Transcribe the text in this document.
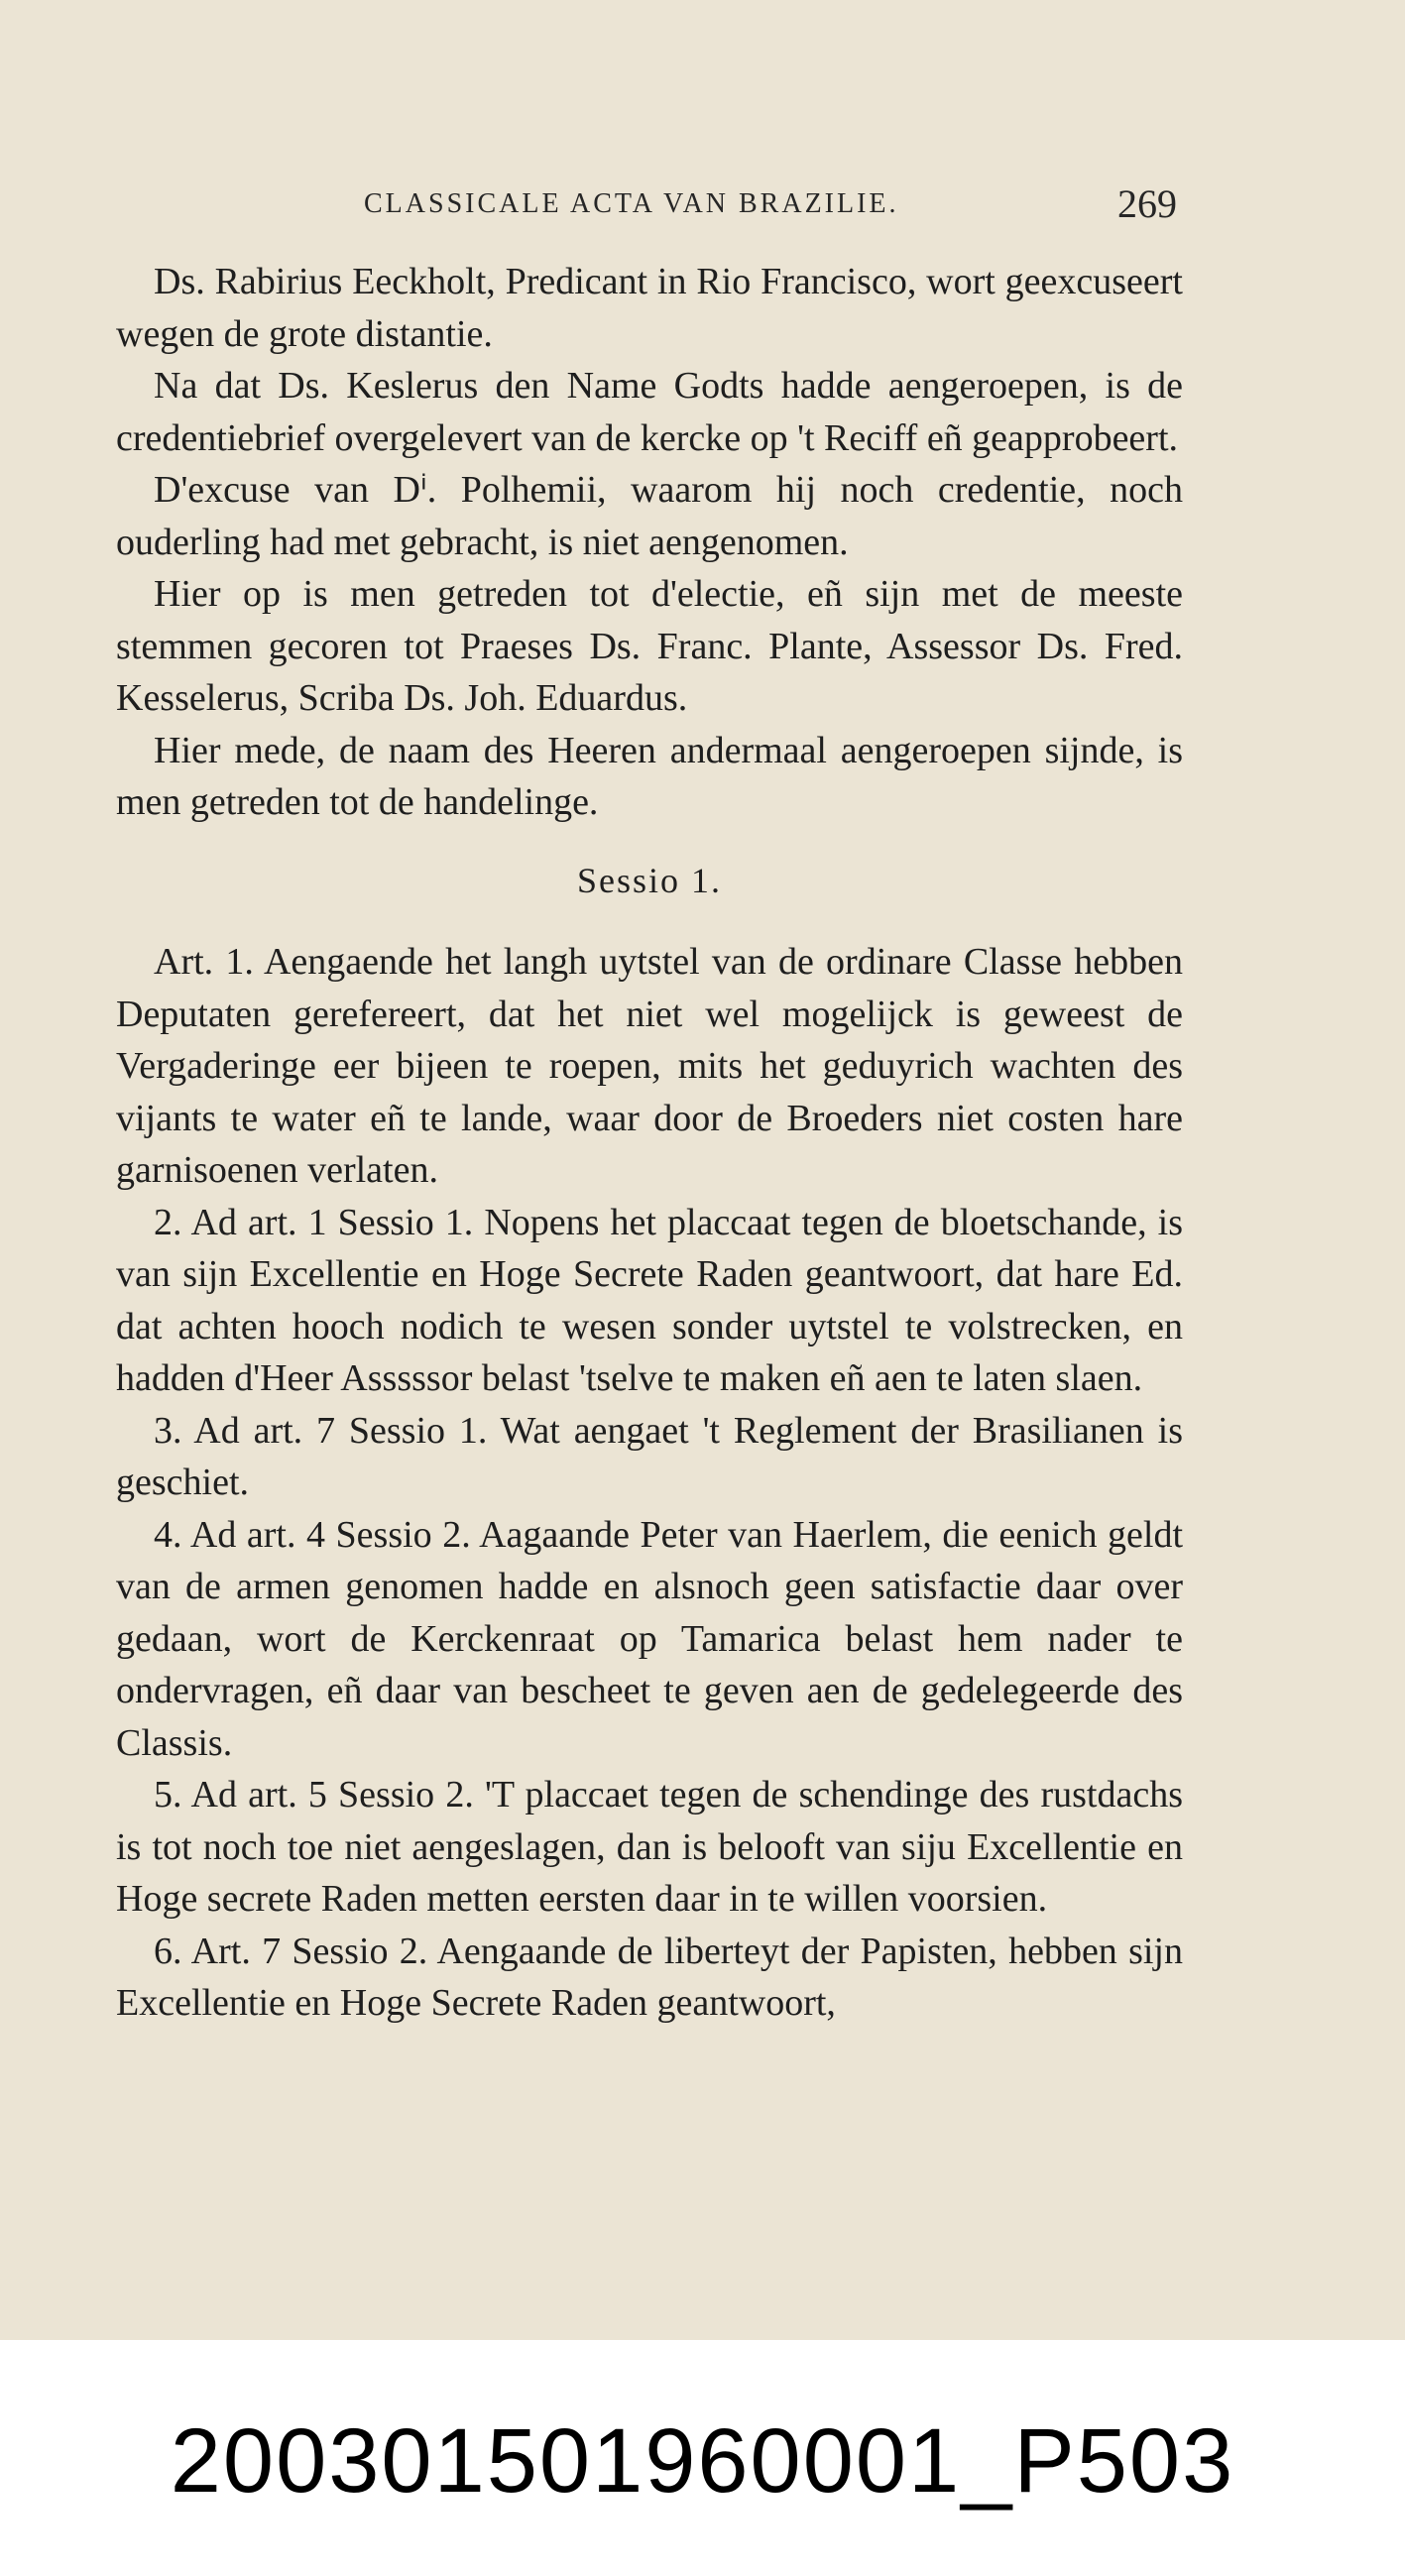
CLASSICALE ACTA VAN BRAZILIE.	269

Ds. Rabirius Eeckholt, Predicant in Rio Francisco, wort geexcuseert wegen de grote distantie.

Na dat Ds. Keslerus den Name Godts hadde aengeroepen, is de credentiebrief overgelevert van de kercke op 't Reciff eñ geapprobeert.

D'excuse van Dⁱ. Polhemii, waarom hij noch credentie, noch ouderling had met gebracht, is niet aengenomen.

Hier op is men getreden tot d'electie, eñ sijn met de meeste stemmen gecoren tot Praeses Ds. Franc. Plante, Assessor Ds. Fred. Kesselerus, Scriba Ds. Joh. Eduardus.

Hier mede, de naam des Heeren andermaal aengeroepen sijnde, is men getreden tot de handelinge.

Sessio 1.

Art. 1. Aengaende het langh uytstel van de ordinare Classe hebben Deputaten gerefereert, dat het niet wel mogelijck is geweest de Vergaderinge eer bijeen te roepen, mits het geduyrich wachten des vijants te water eñ te lande, waar door de Broeders niet costen hare garnisoenen verlaten.

2. Ad art. 1 Sessio 1. Nopens het placcaat tegen de bloetschande, is van sijn Excellentie en Hoge Secrete Raden geantwoort, dat hare Ed. dat achten hooch nodich te wesen sonder uytstel te volstrecken, en hadden d'Heer Asssssor belast 'tselve te maken eñ aen te laten slaen.

3. Ad art. 7 Sessio 1. Wat aengaet 't Reglement der Brasilianen is geschiet.

4. Ad art. 4 Sessio 2. Aagaande Peter van Haerlem, die eenich geldt van de armen genomen hadde en alsnoch geen satisfactie daar over gedaan, wort de Kerckenraat op Tamarica belast hem nader te ondervragen, eñ daar van bescheet te geven aen de gedelegeerde des Classis.

5. Ad art. 5 Sessio 2. 'T placcaet tegen de schendinge des rustdachs is tot noch toe niet aengeslagen, dan is belooft van siju Excellentie en Hoge secrete Raden metten eersten daar in te willen voorsien.

6. Art. 7 Sessio 2. Aengaande de liberteyt der Papisten, hebben sijn Excellentie en Hoge Secrete Raden geantwoort,

200301501960001_P503
